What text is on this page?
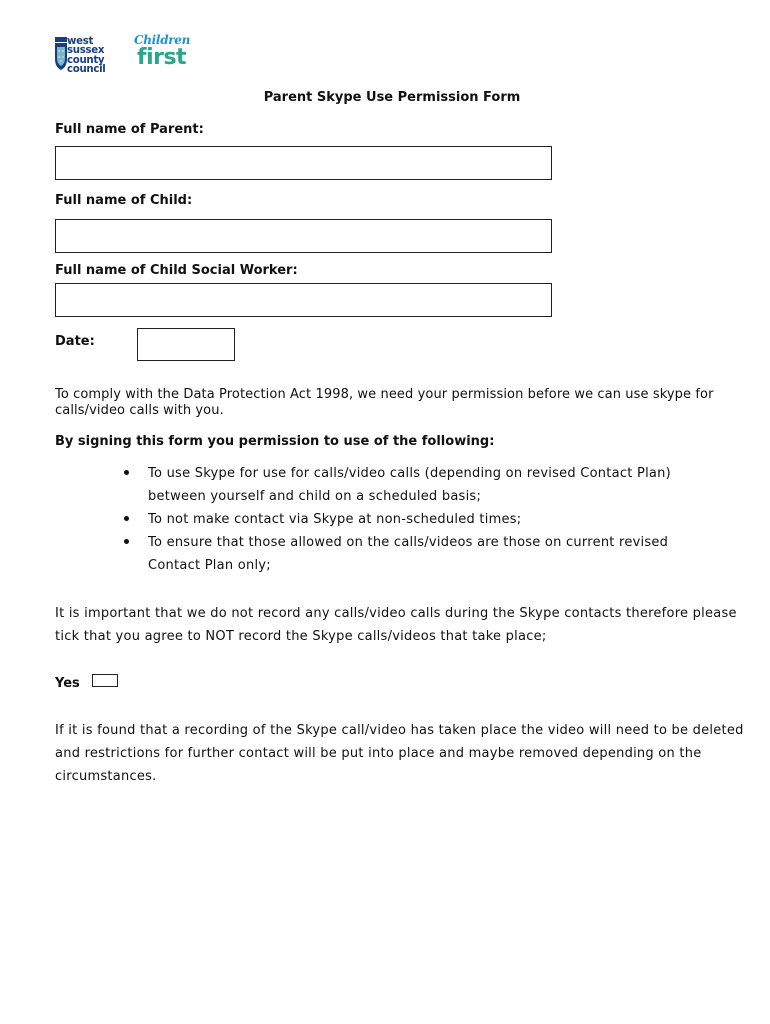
west
sussex
county
council
Children
first
Parent Skype Use Permission Form
Full name of Parent:
Full name of Child:
Full name of Child Social Worker:
Date:
To comply with the Data Protection Act 1998, we need your permission before we can use skype for calls/video calls with you.
By signing this form you permission to use of the following:
To use Skype for use for calls/video calls (depending on revised Contact Plan) between yourself and child on a scheduled basis;
To not make contact via Skype at non-scheduled times;
To ensure that those allowed on the calls/videos are those on current revised Contact Plan only;
It is important that we do not record any calls/video calls during the Skype contacts therefore please tick that you agree to NOT record the Skype calls/videos that take place;
Yes
If it is found that a recording of the Skype call/video has taken place the video will need to be deleted and restrictions for further contact will be put into place and maybe removed depending on the circumstances.
